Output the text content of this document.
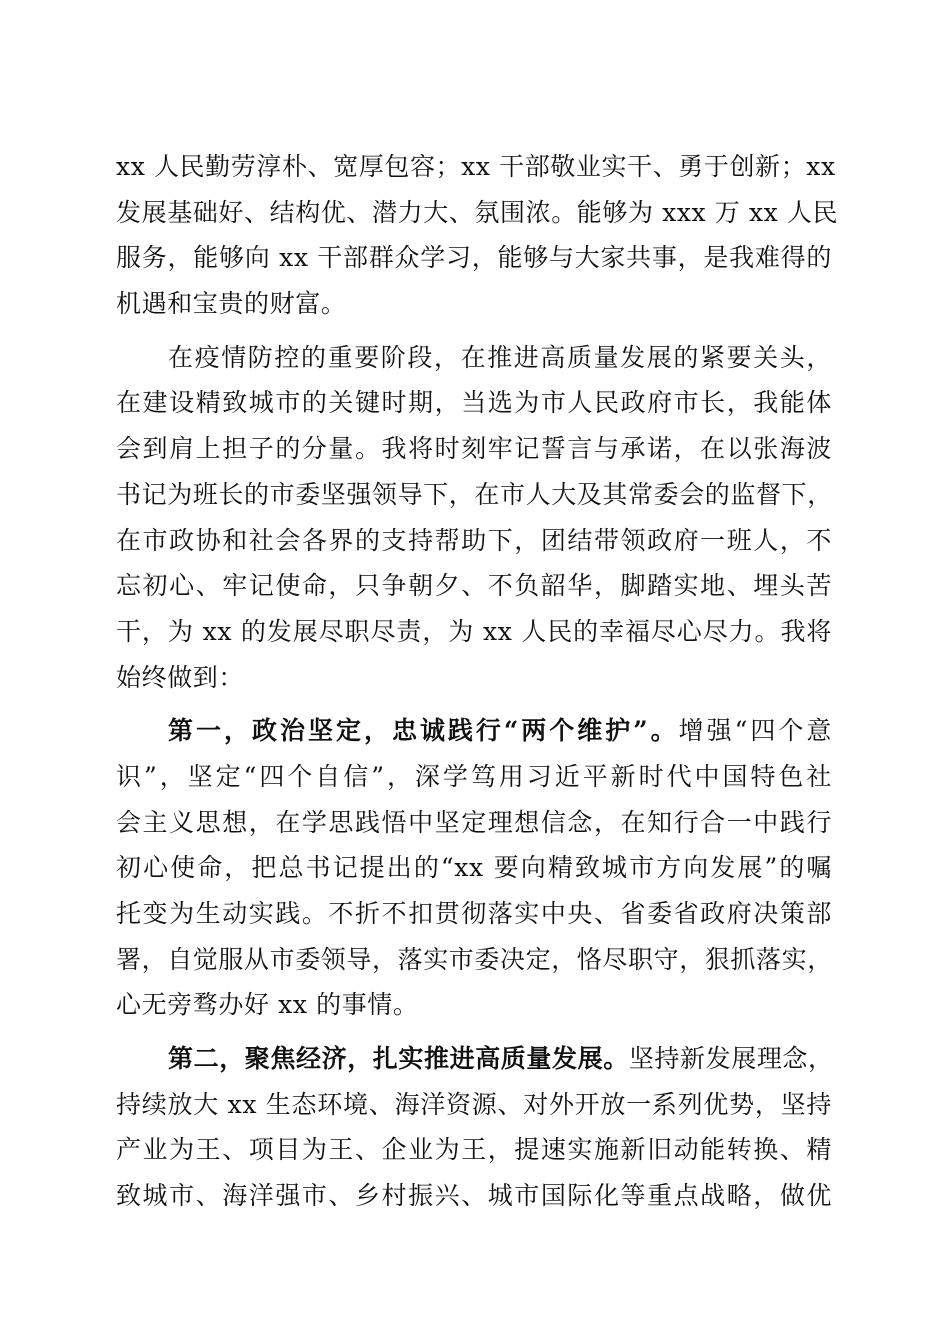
xx 人民勤劳淳朴、宽厚包容；xx 干部敬业实干、勇于创新；xx
发展基础好、结构优、潜力大、氛围浓。能够为 xxx 万 xx 人民
服务，能够向 xx 干部群众学习，能够与大家共事，是我难得的
机遇和宝贵的财富。
在疫情防控的重要阶段，在推进高质量发展的紧要关头，
在建设精致城市的关键时期，当选为市人民政府市长，我能体
会到肩上担子的分量。我将时刻牢记誓言与承诺，在以张海波
书记为班长的市委坚强领导下，在市人大及其常委会的监督下，
在市政协和社会各界的支持帮助下，团结带领政府一班人，不
忘初心、牢记使命，只争朝夕、不负韶华，脚踏实地、埋头苦
干，为 xx 的发展尽职尽责，为 xx 人民的幸福尽心尽力。我将
始终做到：
第一，政治坚定，忠诚践行“两个维护”。增强“四个意
识”，坚定“四个自信”，深学笃用习近平新时代中国特色社
会主义思想，在学思践悟中坚定理想信念，在知行合一中践行
初心使命，把总书记提出的“xx 要向精致城市方向发展”的嘱
托变为生动实践。不折不扣贯彻落实中央、省委省政府决策部
署，自觉服从市委领导，落实市委决定，恪尽职守，狠抓落实，
心无旁骛办好 xx 的事情。
第二，聚焦经济，扎实推进高质量发展。坚持新发展理念，
持续放大 xx 生态环境、海洋资源、对外开放一系列优势，坚持
产业为王、项目为王、企业为王，提速实施新旧动能转换、精
致城市、海洋强市、乡村振兴、城市国际化等重点战略，做优
